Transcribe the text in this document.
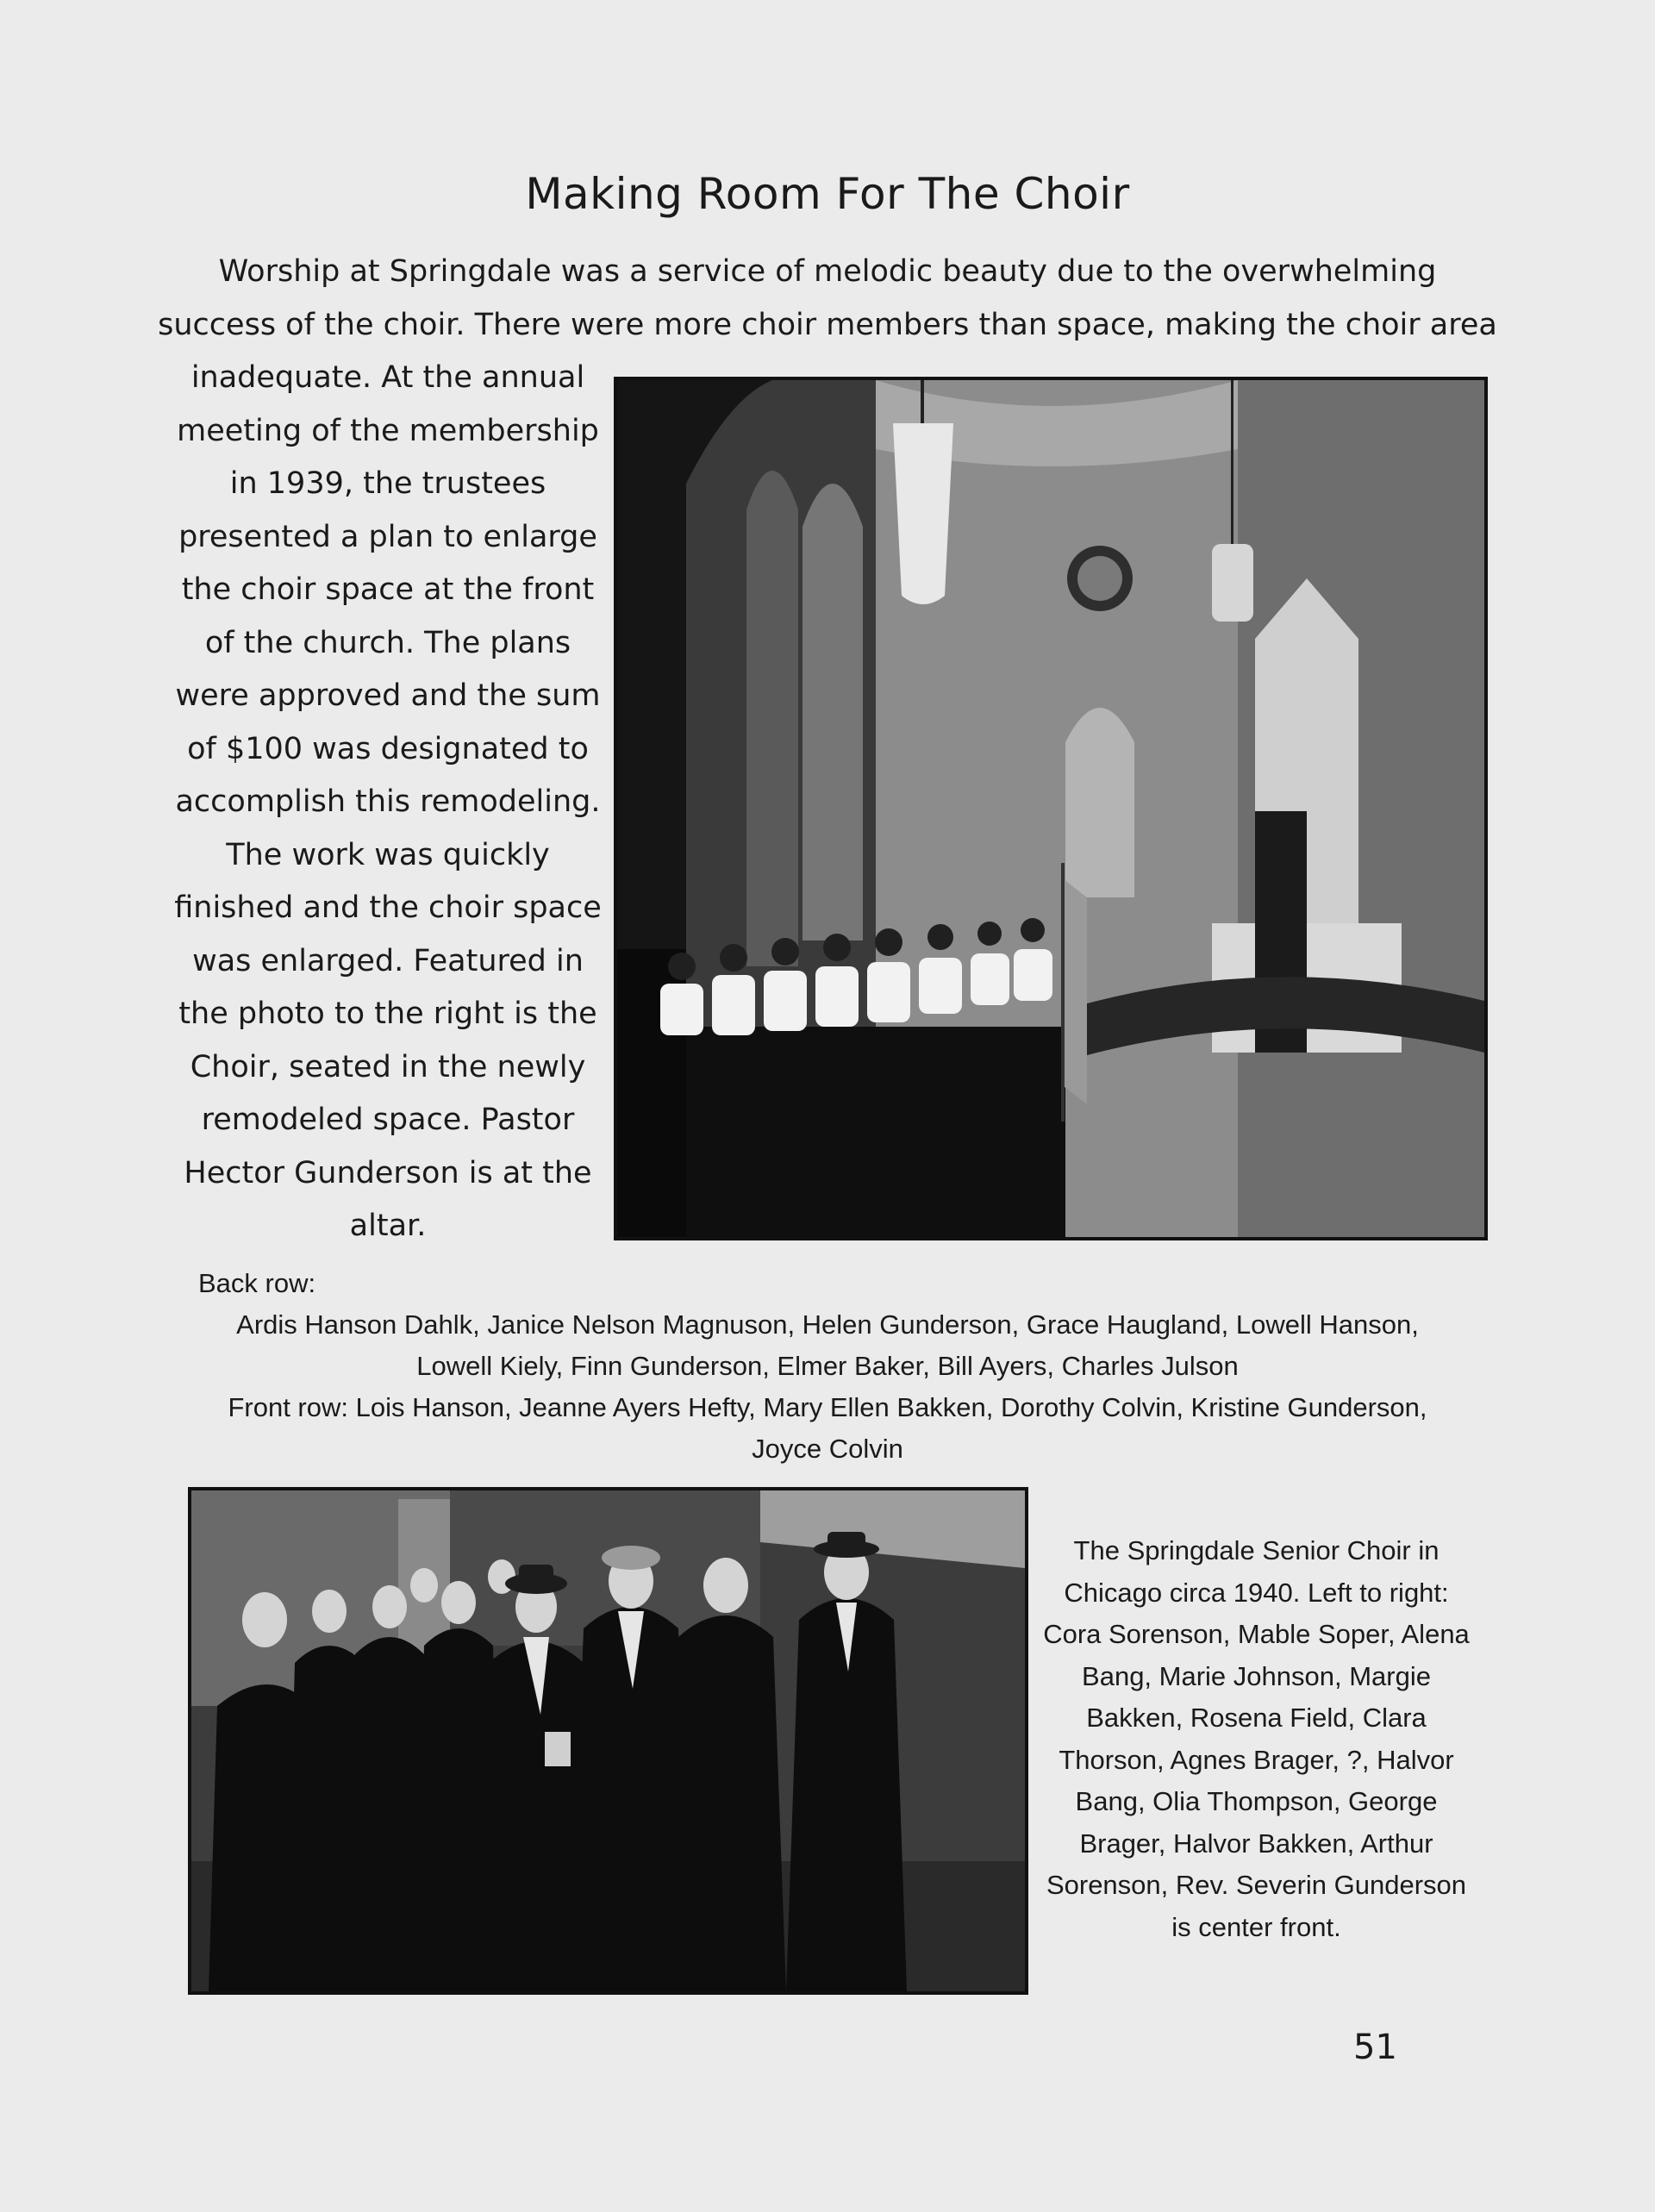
Making Room For The Choir

Worship at Springdale was a service of melodic beauty due to the overwhelming success of the choir. There were more choir members than space, making the choir area

inadequate. At the annual meeting of the membership in 1939, the trustees presented a plan to enlarge the choir space at the front of the church. The plans were approved and the sum of $100 was designated to accomplish this remodeling. The work was quickly finished and the choir space was enlarged. Featured in the photo to the right is the Choir, seated in the newly remodeled space. Pastor Hector Gunderson is at the altar.

Back row:
Ardis Hanson Dahlk, Janice Nelson Magnuson, Helen Gunderson, Grace Haugland, Lowell Hanson, Lowell Kiely, Finn Gunderson, Elmer Baker, Bill Ayers, Charles Julson
Front row: Lois Hanson, Jeanne Ayers Hefty, Mary Ellen Bakken, Dorothy Colvin, Kristine Gunderson, Joyce Colvin

The Springdale Senior Choir in Chicago circa 1940. Left to right: Cora Sorenson, Mable Soper, Alena Bang, Marie Johnson, Margie Bakken, Rosena Field, Clara Thorson, Agnes Brager, ?, Halvor Bang, Olia Thompson, George Brager, Halvor Bakken, Arthur Sorenson, Rev. Severin Gunderson is center front.

51
